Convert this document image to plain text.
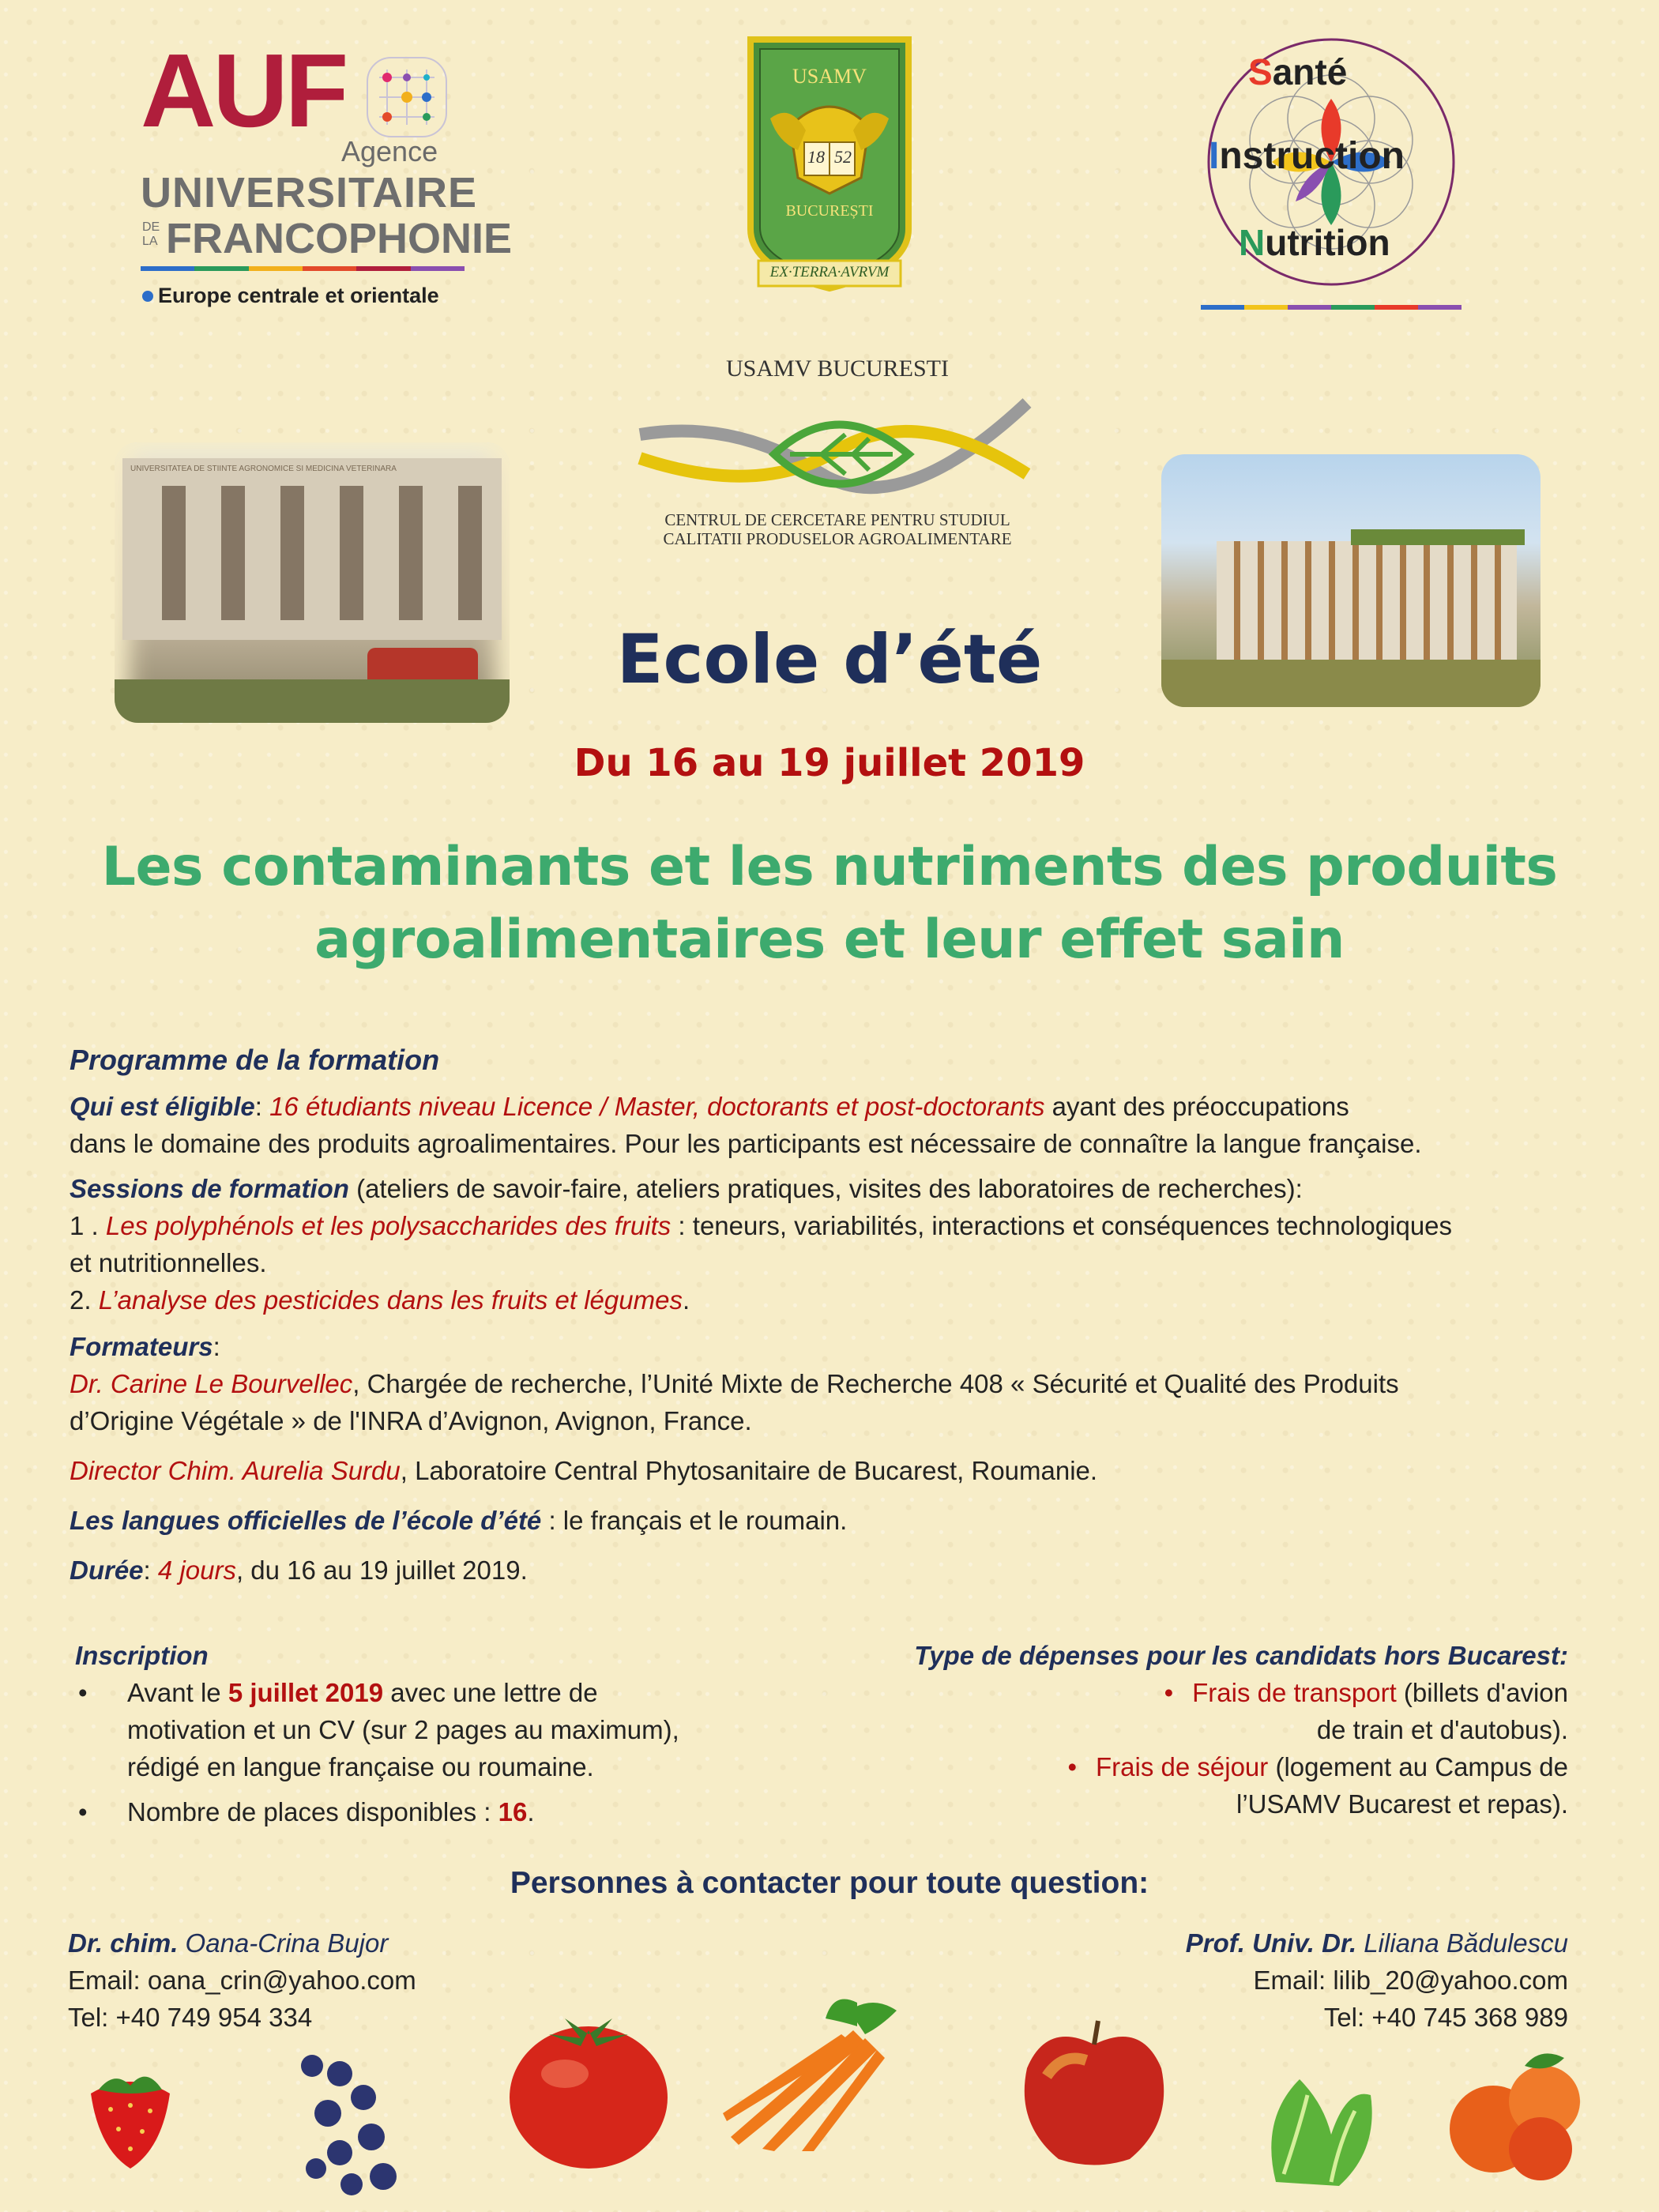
AUF
Agence
UNIVERSITAIRE
DE
LA FRANCOPHONIE
Europe centrale et orientale
USAMV
18 52
BUCUREȘTI
EX·TERRA·AVRVM
Santé
Instruction
Nutrition
USAMV BUCURESTI
CENTRUL DE CERCETARE PENTRU STUDIUL
CALITATII PRODUSELOR AGROALIMENTARE
UNIVERSITATEA DE STIINTE AGRONOMICE SI MEDICINA VETERINARA
Ecole d’été
Du 16 au 19 juillet 2019
Les contaminants et les nutriments des produits
agroalimentaires et leur effet sain
Programme de la formation
Qui est éligible: 16 étudiants niveau Licence / Master, doctorants et post-doctorants ayant des préoccupations
dans le domaine des produits agroalimentaires. Pour les participants est nécessaire de connaître la langue française.
Sessions de formation (ateliers de savoir-faire, ateliers pratiques, visites des laboratoires de recherches):
1 . Les polyphénols et les polysaccharides des fruits : teneurs, variabilités, interactions et conséquences technologiques
et nutritionnelles.
2. L’analyse des pesticides dans les fruits et légumes.
Formateurs:
Dr. Carine Le Bourvellec, Chargée de recherche, l’Unité Mixte de Recherche 408 « Sécurité et Qualité des Produits
d’Origine Végétale » de l'INRA d’Avignon, Avignon, France.
Director Chim. Aurelia Surdu, Laboratoire Central Phytosanitaire de Bucarest, Roumanie.
Les langues officielles de l’école d’été : le français et le roumain.
Durée: 4 jours, du 16 au 19 juillet 2019.
Inscription
•	Avant le 5 juillet 2019 avec une lettre de
motivation et un CV (sur 2 pages au maximum),
rédigé en langue française ou roumaine.
•	Nombre de places disponibles : 16.
Type de dépenses pour les candidats hors Bucarest:
• Frais de transport (billets d'avion
de train et d'autobus).
• Frais de séjour (logement au Campus de
l’USAMV Bucarest et repas).
Personnes à contacter pour toute question:
Dr. chim. Oana-Crina Bujor
Email: oana_crin@yahoo.com
Tel: +40 749 954 334
Prof. Univ. Dr. Liliana Bădulescu
Email: lilib_20@yahoo.com
Tel: +40 745 368 989
